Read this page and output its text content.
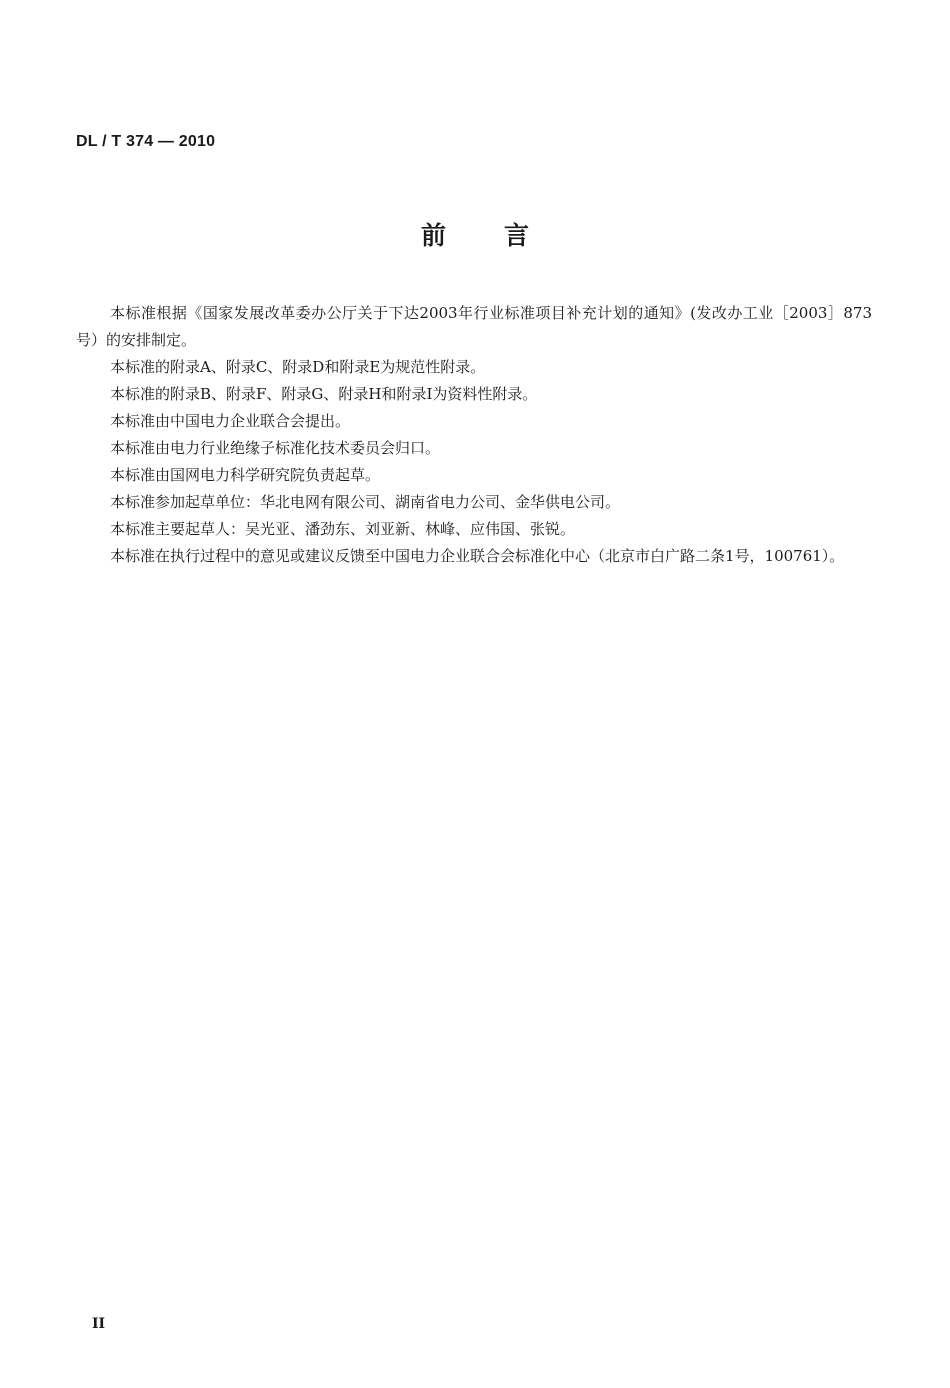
DL / T 374 — 2010
前 言

本标准根据《国家发展改革委办公厅关于下达2003年行业标准项目补充计划的通知》(发改办工业［2003］873号）的安排制定。

本标准的附录A、附录C、附录D和附录E为规范性附录。

本标准的附录B、附录F、附录G、附录H和附录I为资料性附录。

本标准由中国电力企业联合会提出。

本标准由电力行业绝缘子标准化技术委员会归口。

本标准由国网电力科学研究院负责起草。

本标准参加起草单位：华北电网有限公司、湖南省电力公司、金华供电公司。

本标准主要起草人：吴光亚、潘劲东、刘亚新、林峰、应伟国、张锐。

本标准在执行过程中的意见或建议反馈至中国电力企业联合会标准化中心（北京市白广路二条1号，100761）。

II
